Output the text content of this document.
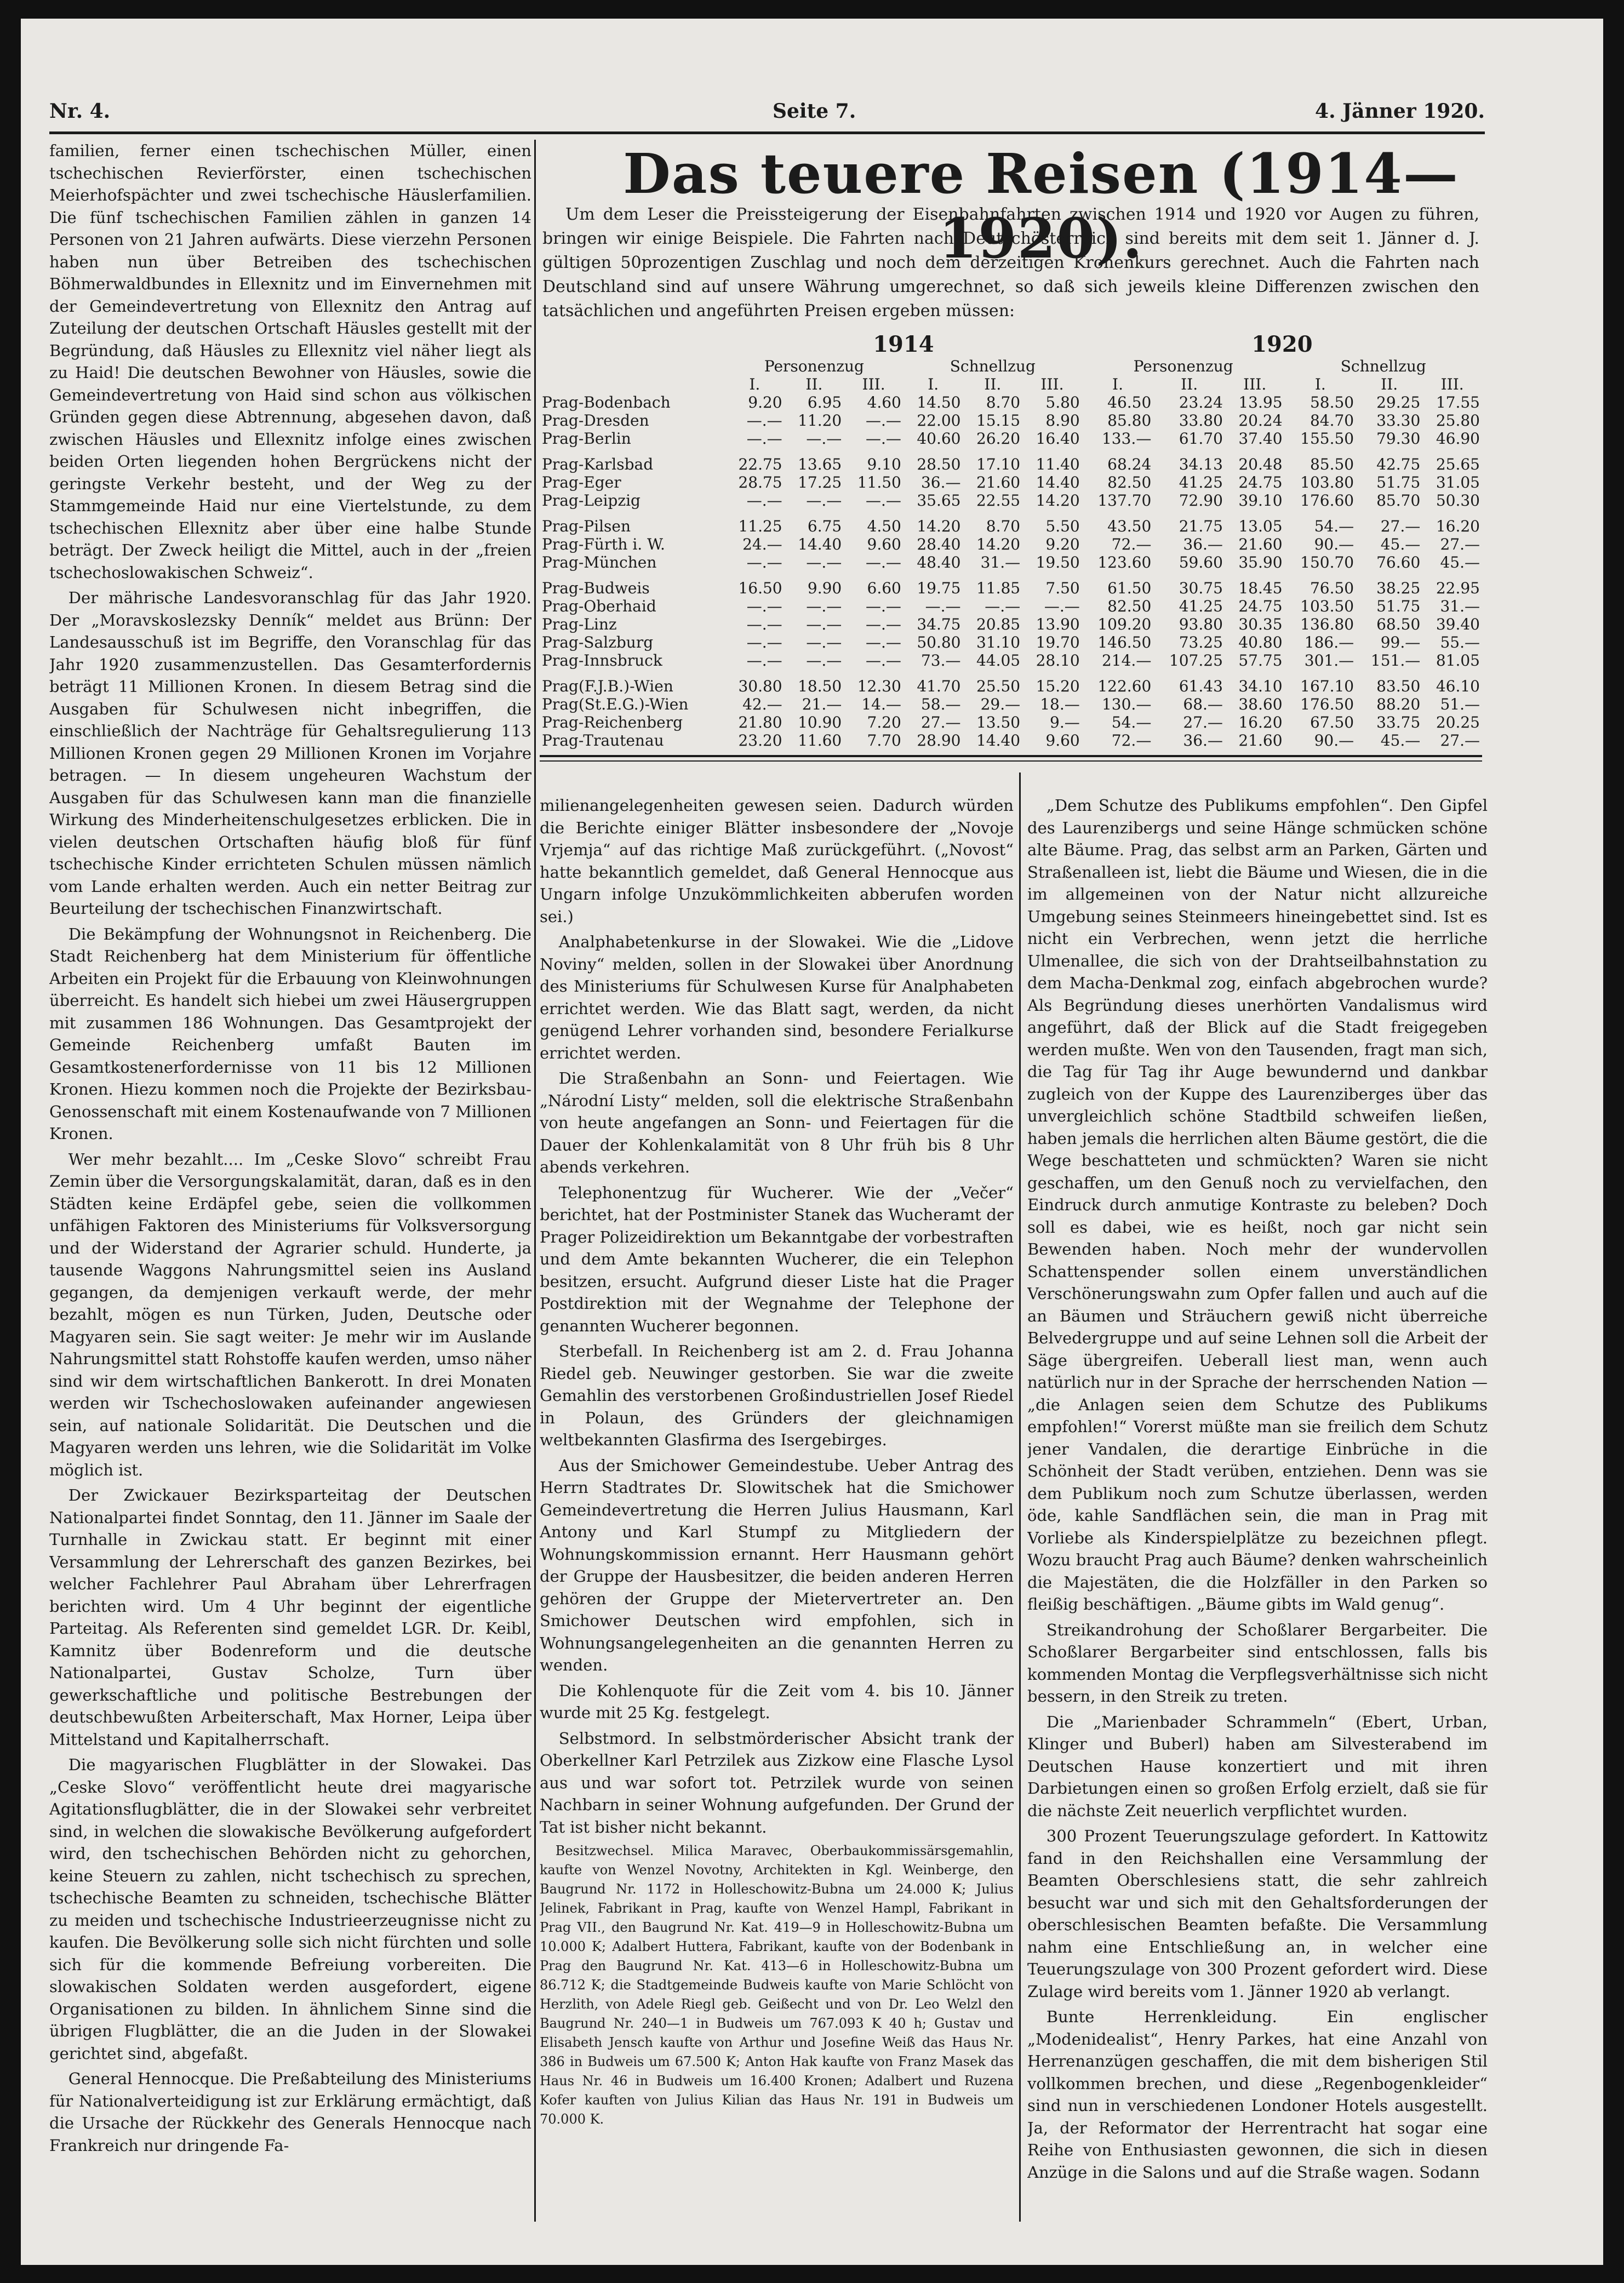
Nr. 4.	Seite 7.	4. Jänner 1920.

familien, ferner einen tschechischen Müller, einen tschechischen Revierförster, einen tschechischen Meierhofspächter und zwei tschechische Häuslerfamilien. Die fünf tschechischen Familien zählen in ganzen 14 Personen von 21 Jahren aufwärts. Diese vierzehn Personen haben nun über Betreiben des tschechischen Böhmerwaldbundes in Ellexnitz und im Einvernehmen mit der Gemeindevertretung von Ellexnitz den Antrag auf Zuteilung der deutschen Ortschaft Häusles gestellt mit der Begründung, daß Häusles zu Ellexnitz viel näher liegt als zu Haid! Die deutschen Bewohner von Häusles, sowie die Gemeindevertretung von Haid sind schon aus völkischen Gründen gegen diese Abtrennung, abgesehen davon, daß zwischen Häusles und Ellexnitz infolge eines zwischen beiden Orten liegenden hohen Bergrückens nicht der geringste Verkehr besteht, und der Weg zu der Stammgemeinde Haid nur eine Viertelstunde, zu dem tschechischen Ellexnitz aber über eine halbe Stunde beträgt. Der Zweck heiligt die Mittel, auch in der „freien tschechoslowakischen Schweiz“.

Der mährische Landesvoranschlag für das Jahr 1920. Der „Moravskoslezsky Denník“ meldet aus Brünn: Der Landesausschuß ist im Begriffe, den Voranschlag für das Jahr 1920 zusammenzustellen. Das Gesamterfordernis beträgt 11 Millionen Kronen. In diesem Betrag sind die Ausgaben für Schulwesen nicht inbegriffen, die einschließlich der Nachträge für Gehaltsregulierung 113 Millionen Kronen gegen 29 Millionen Kronen im Vorjahre betragen. — In diesem ungeheuren Wachstum der Ausgaben für das Schulwesen kann man die finanzielle Wirkung des Minderheitenschulgesetzes erblicken. Die in vielen deutschen Ortschaften häufig bloß für fünf tschechische Kinder errichteten Schulen müssen nämlich vom Lande erhalten werden. Auch ein netter Beitrag zur Beurteilung der tschechischen Finanzwirtschaft.

Die Bekämpfung der Wohnungsnot in Reichenberg. Die Stadt Reichenberg hat dem Ministerium für öffentliche Arbeiten ein Projekt für die Erbauung von Kleinwohnungen überreicht. Es handelt sich hiebei um zwei Häusergruppen mit zusammen 186 Wohnungen. Das Gesamtprojekt der Gemeinde Reichenberg umfaßt Bauten im Gesamtkostenerfordernisse von 11 bis 12 Millionen Kronen. Hiezu kommen noch die Projekte der Bezirksbau-Genossenschaft mit einem Kostenaufwande von 7 Millionen Kronen.

Wer mehr bezahlt.... Im „Ceske Slovo“ schreibt Frau Zemin über die Versorgungskalamität, daran, daß es in den Städten keine Erdäpfel gebe, seien die vollkommen unfähigen Faktoren des Ministeriums für Volksversorgung und der Widerstand der Agrarier schuld. Hunderte, ja tausende Waggons Nahrungsmittel seien ins Ausland gegangen, da demjenigen verkauft werde, der mehr bezahlt, mögen es nun Türken, Juden, Deutsche oder Magyaren sein. Sie sagt weiter: Je mehr wir im Auslande Nahrungsmittel statt Rohstoffe kaufen werden, umso näher sind wir dem wirtschaftlichen Bankerott. In drei Monaten werden wir Tschechoslowaken aufeinander angewiesen sein, auf nationale Solidarität. Die Deutschen und die Magyaren werden uns lehren, wie die Solidarität im Volke möglich ist.

Der Zwickauer Bezirksparteitag der Deutschen Nationalpartei findet Sonntag, den 11. Jänner im Saale der Turnhalle in Zwickau statt. Er beginnt mit einer Versammlung der Lehrerschaft des ganzen Bezirkes, bei welcher Fachlehrer Paul Abraham über Lehrerfragen berichten wird. Um 4 Uhr beginnt der eigentliche Parteitag. Als Referenten sind gemeldet LGR. Dr. Keibl, Kamnitz über Bodenreform und die deutsche Nationalpartei, Gustav Scholze, Turn über gewerkschaftliche und politische Bestrebungen der deutschbewußten Arbeiterschaft, Max Horner, Leipa über Mittelstand und Kapitalherrschaft.

Die magyarischen Flugblätter in der Slowakei. Das „Ceske Slovo“ veröffentlicht heute drei magyarische Agitationsflugblätter, die in der Slowakei sehr verbreitet sind, in welchen die slowakische Bevölkerung aufgefordert wird, den tschechischen Behörden nicht zu gehorchen, keine Steuern zu zahlen, nicht tschechisch zu sprechen, tschechische Beamten zu schneiden, tschechische Blätter zu meiden und tschechische Industrieerzeugnisse nicht zu kaufen. Die Bevölkerung solle sich nicht fürchten und solle sich für die kommende Befreiung vorbereiten. Die slowakischen Soldaten werden ausgefordert, eigene Organisationen zu bilden. In ähnlichem Sinne sind die übrigen Flugblätter, die an die Juden in der Slowakei gerichtet sind, abgefaßt.

General Hennocque. Die Preßabteilung des Ministeriums für Nationalverteidigung ist zur Erklärung ermächtigt, daß die Ursache der Rückkehr des Generals Hennocque nach Frankreich nur dringende Fa-

Das teuere Reisen (1914—1920).

Um dem Leser die Preissteigerung der Eisenbahnfahrten zwischen 1914 und 1920 vor Augen zu führen, bringen wir einige Beispiele. Die Fahrten nach Deutschösterreich sind bereits mit dem seit 1. Jänner d. J. gültigen 50prozentigen Zuschlag und noch dem derzeitigen Kronenkurs gerechnet. Auch die Fahrten nach Deutschland sind auf unsere Währung umgerechnet, so daß sich jeweils kleine Differenzen zwischen den tatsächlichen und angeführten Preisen ergeben müssen:

	1914						1920					
	Personenzug			Schnellzug			Personenzug			Schnellzug		
	I.	II.	III.	I.	II.	III.	I.	II.	III.	I.	II.	III.
Prag-Bodenbach	9.20	6.95	4.60	14.50	8.70	5.80	46.50	23.24	13.95	58.50	29.25	17.55
Prag-Dresden	—.—	11.20	—.—	22.00	15.15	8.90	85.80	33.80	20.24	84.70	33.30	25.80
Prag-Berlin	—.—	—.—	—.—	40.60	26.20	16.40	133.—	61.70	37.40	155.50	79.30	46.90

Prag-Karlsbad	22.75	13.65	9.10	28.50	17.10	11.40	68.24	34.13	20.48	85.50	42.75	25.65
Prag-Eger	28.75	17.25	11.50	36.—	21.60	14.40	82.50	41.25	24.75	103.80	51.75	31.05
Prag-Leipzig	—.—	—.—	—.—	35.65	22.55	14.20	137.70	72.90	39.10	176.60	85.70	50.30

Prag-Pilsen	11.25	6.75	4.50	14.20	8.70	5.50	43.50	21.75	13.05	54.—	27.—	16.20
Prag-Fürth i. W.	24.—	14.40	9.60	28.40	14.20	9.20	72.—	36.—	21.60	90.—	45.—	27.—
Prag-München	—.—	—.—	—.—	48.40	31.—	19.50	123.60	59.60	35.90	150.70	76.60	45.—

Prag-Budweis	16.50	9.90	6.60	19.75	11.85	7.50	61.50	30.75	18.45	76.50	38.25	22.95
Prag-Oberhaid	—.—	—.—	—.—	—.—	—.—	—.—	82.50	41.25	24.75	103.50	51.75	31.—
Prag-Linz	—.—	—.—	—.—	34.75	20.85	13.90	109.20	93.80	30.35	136.80	68.50	39.40
Prag-Salzburg	—.—	—.—	—.—	50.80	31.10	19.70	146.50	73.25	40.80	186.—	99.—	55.—
Prag-Innsbruck	—.—	—.—	—.—	73.—	44.05	28.10	214.—	107.25	57.75	301.—	151.—	81.05

Prag(F.J.B.)-Wien	30.80	18.50	12.30	41.70	25.50	15.20	122.60	61.43	34.10	167.10	83.50	46.10
Prag(St.E.G.)-Wien	42.—	21.—	14.—	58.—	29.—	18.—	130.—	68.—	38.60	176.50	88.20	51.—
Prag-Reichenberg	21.80	10.90	7.20	27.—	13.50	9.—	54.—	27.—	16.20	67.50	33.75	20.25
Prag-Trautenau	23.20	11.60	7.70	28.90	14.40	9.60	72.—	36.—	21.60	90.—	45.—	27.—

milienangelegenheiten gewesen seien. Dadurch würden die Berichte einiger Blätter insbesondere der „Novoje Vrjemja“ auf das richtige Maß zurückgeführt. („Novost“ hatte bekanntlich gemeldet, daß General Hennocque aus Ungarn infolge Unzukömmlichkeiten abberufen worden sei.)

Analphabetenkurse in der Slowakei. Wie die „Lidove Noviny“ melden, sollen in der Slowakei über Anordnung des Ministeriums für Schulwesen Kurse für Analphabeten errichtet werden. Wie das Blatt sagt, werden, da nicht genügend Lehrer vorhanden sind, besondere Ferialkurse errichtet werden.

Die Straßenbahn an Sonn- und Feiertagen. Wie „Národní Listy“ melden, soll die elektrische Straßenbahn von heute angefangen an Sonn- und Feiertagen für die Dauer der Kohlenkalamität von 8 Uhr früh bis 8 Uhr abends verkehren.

Telephonentzug für Wucherer. Wie der „Večer“ berichtet, hat der Postminister Stanek das Wucheramt der Prager Polizeidirektion um Bekanntgabe der vorbestraften und dem Amte bekannten Wucherer, die ein Telephon besitzen, ersucht. Aufgrund dieser Liste hat die Prager Postdirektion mit der Wegnahme der Telephone der genannten Wucherer begonnen.

Sterbefall. In Reichenberg ist am 2. d. Frau Johanna Riedel geb. Neuwinger gestorben. Sie war die zweite Gemahlin des verstorbenen Großindustriellen Josef Riedel in Polaun, des Gründers der gleichnamigen weltbekannten Glasfirma des Isergebirges.

Aus der Smichower Gemeindestube. Ueber Antrag des Herrn Stadtrates Dr. Slowitschek hat die Smichower Gemeindevertretung die Herren Julius Hausmann, Karl Antony und Karl Stumpf zu Mitgliedern der Wohnungskommission ernannt. Herr Hausmann gehört der Gruppe der Hausbesitzer, die beiden anderen Herren gehören der Gruppe der Mietervertreter an. Den Smichower Deutschen wird empfohlen, sich in Wohnungsangelegenheiten an die genannten Herren zu wenden.

Die Kohlenquote für die Zeit vom 4. bis 10. Jänner wurde mit 25 Kg. festgelegt.

Selbstmord. In selbstmörderischer Absicht trank der Oberkellner Karl Petrzilek aus Zizkow eine Flasche Lysol aus und war sofort tot. Petrzilek wurde von seinen Nachbarn in seiner Wohnung aufgefunden. Der Grund der Tat ist bisher nicht bekannt.

Besitzwechsel. Milica Maravec, Oberbaukommissärsgemahlin, kaufte von Wenzel Novotny, Architekten in Kgl. Weinberge, den Baugrund Nr. 1172 in Holleschowitz-Bubna um 24.000 K; Julius Jelinek, Fabrikant in Prag, kaufte von Wenzel Hampl, Fabrikant in Prag VII., den Baugrund Nr. Kat. 419—9 in Holleschowitz-Bubna um 10.000 K; Adalbert Huttera, Fabrikant, kaufte von der Bodenbank in Prag den Baugrund Nr. Kat. 413—6 in Holleschowitz-Bubna um 86.712 K; die Stadtgemeinde Budweis kaufte von Marie Schlöcht von Herzlith, von Adele Riegl geb. Geißecht und von Dr. Leo Welzl den Baugrund Nr. 240—1 in Budweis um 767.093 K 40 h; Gustav und Elisabeth Jensch kaufte von Arthur und Josefine Weiß das Haus Nr. 386 in Budweis um 67.500 K; Anton Hak kaufte von Franz Masek das Haus Nr. 46 in Budweis um 16.400 Kronen; Adalbert und Ruzena Kofer kauften von Julius Kilian das Haus Nr. 191 in Budweis um 70.000 K.

„Dem Schutze des Publikums empfohlen“. Den Gipfel des Laurenzibergs und seine Hänge schmücken schöne alte Bäume. Prag, das selbst arm an Parken, Gärten und Straßenalleen ist, liebt die Bäume und Wiesen, die in die im allgemeinen von der Natur nicht allzureiche Umgebung seines Steinmeers hineingebettet sind. Ist es nicht ein Verbrechen, wenn jetzt die herrliche Ulmenallee, die sich von der Drahtseilbahnstation zu dem Macha-Denkmal zog, einfach abgebrochen wurde? Als Begründung dieses unerhörten Vandalismus wird angeführt, daß der Blick auf die Stadt freigegeben werden mußte. Wen von den Tausenden, fragt man sich, die Tag für Tag ihr Auge bewundernd und dankbar zugleich von der Kuppe des Laurenziberges über das unvergleichlich schöne Stadtbild schweifen ließen, haben jemals die herrlichen alten Bäume gestört, die die Wege beschatteten und schmückten? Waren sie nicht geschaffen, um den Genuß noch zu vervielfachen, den Eindruck durch anmutige Kontraste zu beleben? Doch soll es dabei, wie es heißt, noch gar nicht sein Bewenden haben. Noch mehr der wundervollen Schattenspender sollen einem unverständlichen Verschönerungswahn zum Opfer fallen und auch auf die an Bäumen und Sträuchern gewiß nicht überreiche Belvedergruppe und auf seine Lehnen soll die Arbeit der Säge übergreifen. Ueberall liest man, wenn auch natürlich nur in der Sprache der herrschenden Nation — „die Anlagen seien dem Schutze des Publikums empfohlen!“ Vorerst müßte man sie freilich dem Schutz jener Vandalen, die derartige Einbrüche in die Schönheit der Stadt verüben, entziehen. Denn was sie dem Publikum noch zum Schutze überlassen, werden öde, kahle Sandflächen sein, die man in Prag mit Vorliebe als Kinderspielplätze zu bezeichnen pflegt. Wozu braucht Prag auch Bäume? denken wahrscheinlich die Majestäten, die die Holzfäller in den Parken so fleißig beschäftigen. „Bäume gibts im Wald genug“.

Streikandrohung der Schoßlarer Bergarbeiter. Die Schoßlarer Bergarbeiter sind entschlossen, falls bis kommenden Montag die Verpflegsverhältnisse sich nicht bessern, in den Streik zu treten.

Die „Marienbader Schrammeln“ (Ebert, Urban, Klinger und Buberl) haben am Silvesterabend im Deutschen Hause konzertiert und mit ihren Darbietungen einen so großen Erfolg erzielt, daß sie für die nächste Zeit neuerlich verpflichtet wurden.

300 Prozent Teuerungszulage gefordert. In Kattowitz fand in den Reichshallen eine Versammlung der Beamten Oberschlesiens statt, die sehr zahlreich besucht war und sich mit den Gehaltsforderungen der oberschlesischen Beamten befaßte. Die Versammlung nahm eine Entschließung an, in welcher eine Teuerungszulage von 300 Prozent gefordert wird. Diese Zulage wird bereits vom 1. Jänner 1920 ab verlangt.

Bunte Herrenkleidung. Ein englischer „Modenidealist“, Henry Parkes, hat eine Anzahl von Herrenanzügen geschaffen, die mit dem bisherigen Stil vollkommen brechen, und diese „Regenbogenkleider“ sind nun in verschiedenen Londoner Hotels ausgestellt. Ja, der Reformator der Herrentracht hat sogar eine Reihe von Enthusiasten gewonnen, die sich in diesen Anzüge in die Salons und auf die Straße wagen. Sodann
